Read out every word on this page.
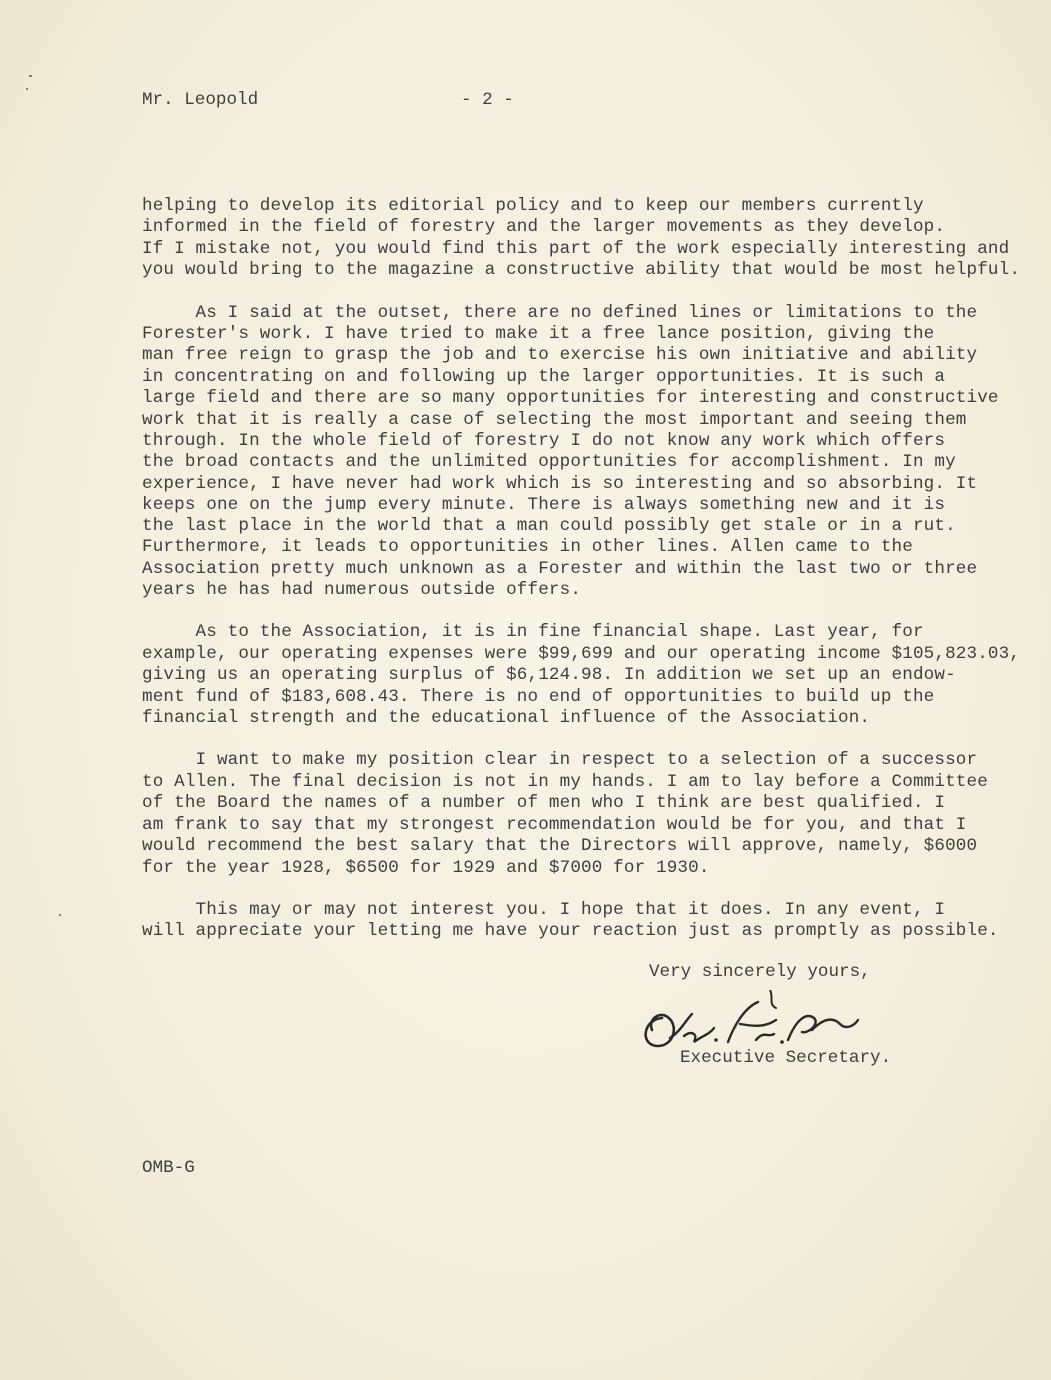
Mr. Leopold	- 2 -
helping to develop its editorial policy and to keep our members currently
informed in the field of forestry and the larger movements as they develop.
If I mistake not, you would find this part of the work especially interesting and
you would bring to the magazine a constructive ability that would be most helpful.
As I said at the outset, there are no defined lines or limitations to the
Forester's work. I have tried to make it a free lance position, giving the
man free reign to grasp the job and to exercise his own initiative and ability
in concentrating on and following up the larger opportunities. It is such a
large field and there are so many opportunities for interesting and constructive
work that it is really a case of selecting the most important and seeing them
through. In the whole field of forestry I do not know any work which offers
the broad contacts and the unlimited opportunities for accomplishment. In my
experience, I have never had work which is so interesting and so absorbing. It
keeps one on the jump every minute. There is always something new and it is
the last place in the world that a man could possibly get stale or in a rut.
Furthermore, it leads to opportunities in other lines. Allen came to the
Association pretty much unknown as a Forester and within the last two or three
years he has had numerous outside offers.
As to the Association, it is in fine financial shape. Last year, for
example, our operating expenses were $99,699 and our operating income $105,823.03,
giving us an operating surplus of $6,124.98. In addition we set up an endow-
ment fund of $183,608.43. There is no end of opportunities to build up the
financial strength and the educational influence of the Association.
I want to make my position clear in respect to a selection of a successor
to Allen. The final decision is not in my hands. I am to lay before a Committee
of the Board the names of a number of men who I think are best qualified. I
am frank to say that my strongest recommendation would be for you, and that I
would recommend the best salary that the Directors will approve, namely, $6000
for the year 1928, $6500 for 1929 and $7000 for 1930.
This may or may not interest you. I hope that it does. In any event, I
will appreciate your letting me have your reaction just as promptly as possible.
Very sincerely yours,
Executive Secretary.
OMB-G
